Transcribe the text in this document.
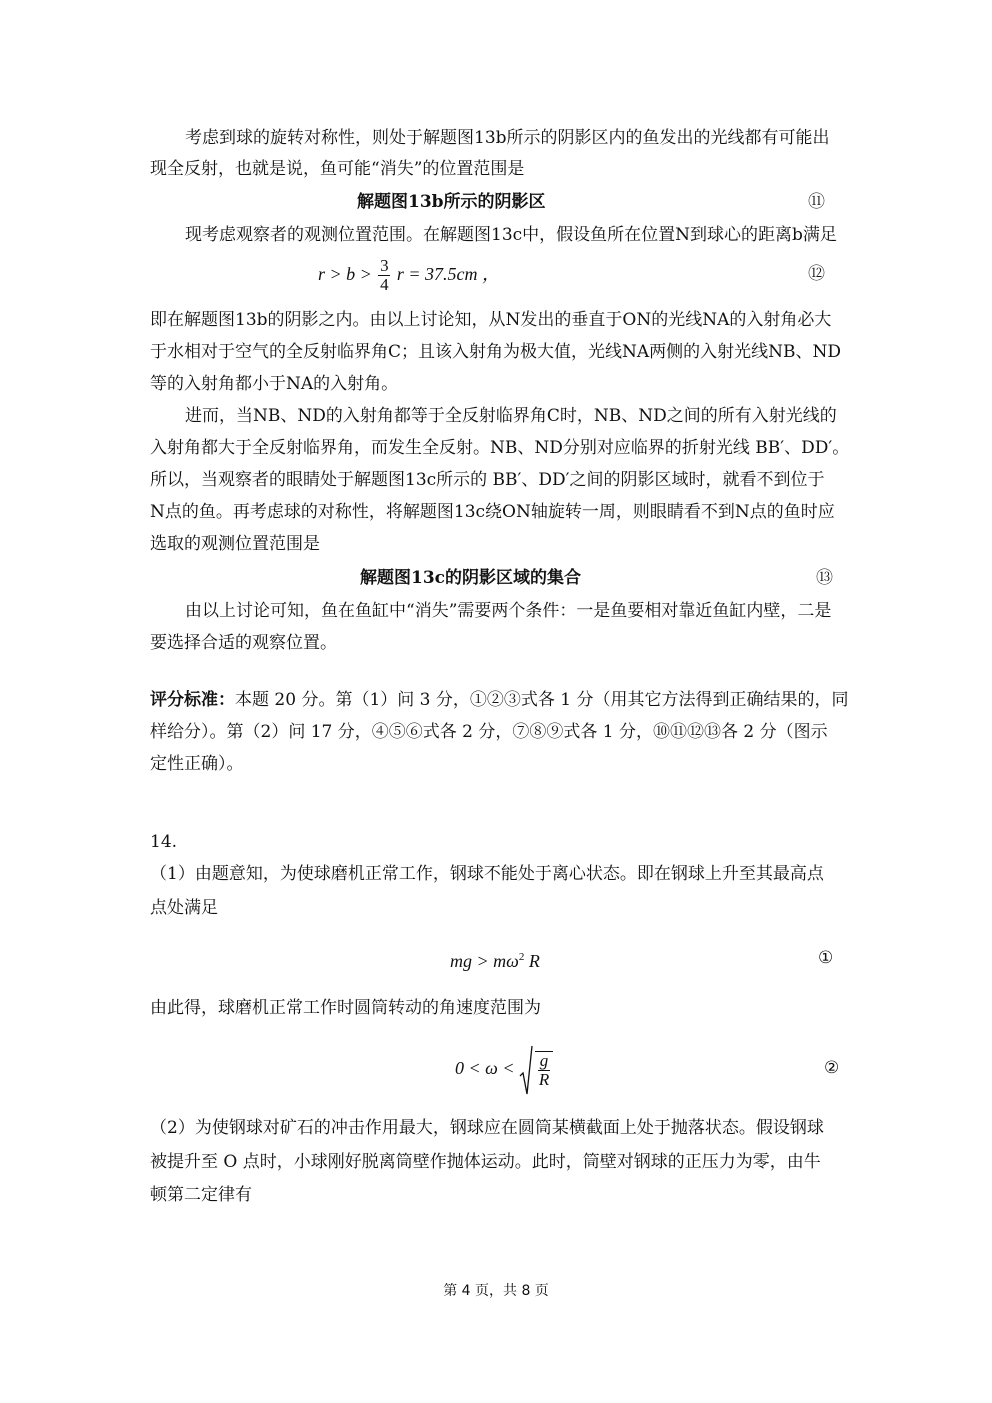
考虑到球的旋转对称性，则处于解题图13b所示的阴影区内的鱼发出的光线都有可能出
现全反射，也就是说，鱼可能“消失”的位置范围是
解题图13b所示的阴影区	⑪
现考虑观察者的观测位置范围。在解题图13c中，假设鱼所在位置N到球心的距离b满足
$r > b > \frac{3}{4}$ r = 37.5cm ，	⑫
即在解题图13b的阴影之内。由以上讨论知，从N发出的垂直于ON的光线NA的入射角必大
于水相对于空气的全反射临界角C；且该入射角为极大值，光线NA两侧的入射光线NB、ND
等的入射角都小于NA的入射角。
进而，当NB、ND的入射角都等于全反射临界角C时，NB、ND之间的所有入射光线的
入射角都大于全反射临界角，而发生全反射。NB、ND分别对应临界的折射光线 BB′、DD′。
所以，当观察者的眼睛处于解题图13c所示的 BB′、DD′之间的阴影区域时，就看不到位于
N点的鱼。再考虑球的对称性，将解题图13c绕ON轴旋转一周，则眼睛看不到N点的鱼时应
选取的观测位置范围是
解题图13c的阴影区域的集合	⑬
由以上讨论可知，鱼在鱼缸中“消失”需要两个条件：一是鱼要相对靠近鱼缸内壁，二是
要选择合适的观察位置。
评分标准：本题 20 分。第（1）问 3 分，①②③式各 1 分（用其它方法得到正确结果的，同
样给分）。第（2）问 17 分，④⑤⑥式各 2 分，⑦⑧⑨式各 1 分，⑩⑪⑫⑬各 2 分（图示
定性正确）。
14.
（1）由题意知，为使球磨机正常工作，钢球不能处于离心状态。即在钢球上升至其最高点
点处满足
mg > $m\omega^2$ R	①
由此得，球磨机正常工作时圆筒转动的角速度范围为
$0 < \omega < \frac{g}{R}$	②
（2）为使钢球对矿石的冲击作用最大，钢球应在圆筒某横截面上处于抛落状态。假设钢球
被提升至 O 点时，小球刚好脱离筒壁作抛体运动。此时，筒壁对钢球的正压力为零，由牛
顿第二定律有
第 4 页，共 8 页
